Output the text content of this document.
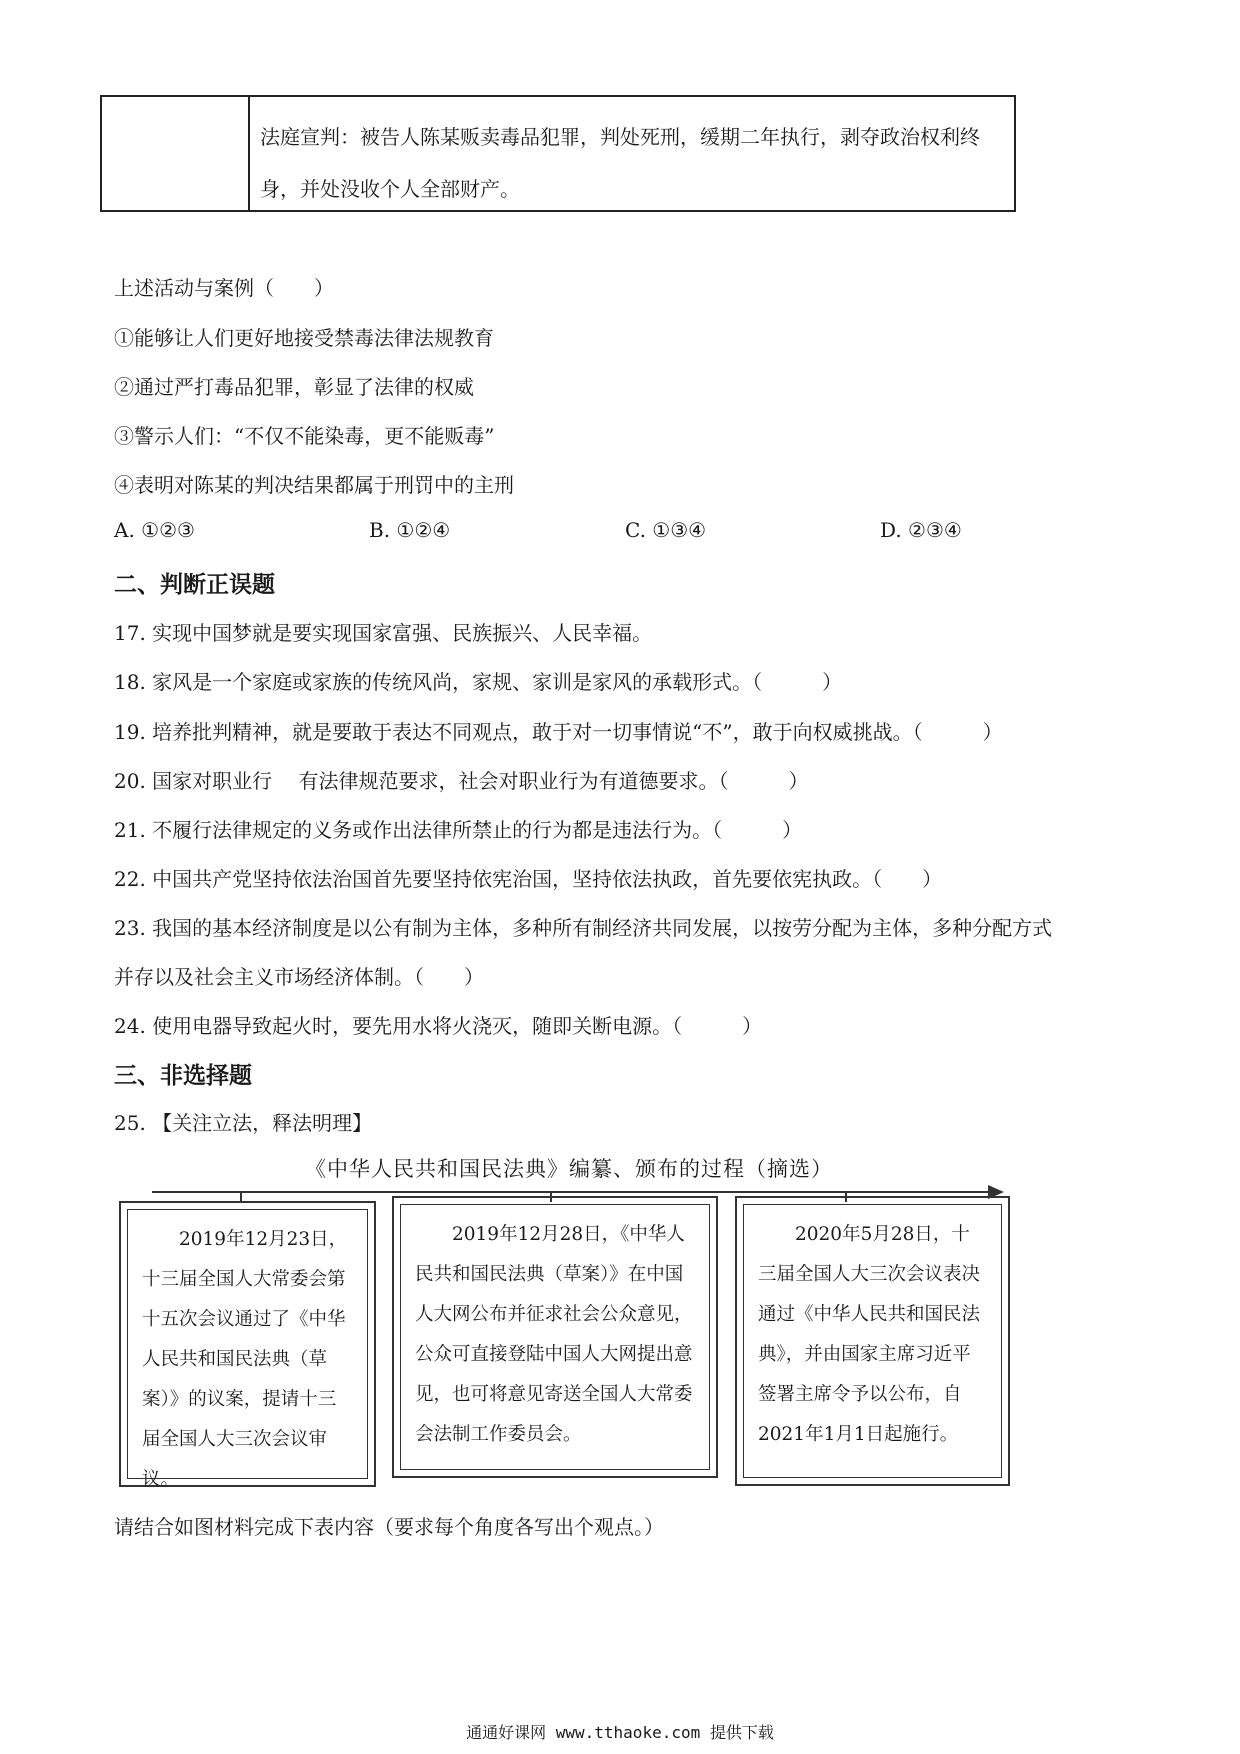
法庭宣判：被告人陈某贩卖毒品犯罪，判处死刑，缓期二年执行，剥夺政治权利终身，并处没收个人全部财产。
上述活动与案例（　　）
①能够让人们更好地接受禁毒法律法规教育
②通过严打毒品犯罪，彰显了法律的权威
③警示人们：“不仅不能染毒，更不能贩毒”
④表明对陈某的判决结果都属于刑罚中的主刑
A. ①②③	B. ①②④	C. ①③④	D. ②③④
二、判断正误题
17. 实现中国梦就是要实现国家富强、民族振兴、人民幸福。
18. 家风是一个家庭或家族的传统风尚，家规、家训是家风的承载形式。（　　　）
19. 培养批判精神，就是要敢于表达不同观点，敢于对一切事情说“不”，敢于向权威挑战。（　　　）
20. 国家对职业行　 有法律规范要求，社会对职业行为有道德要求。（　　　）
21. 不履行法律规定的义务或作出法律所禁止的行为都是违法行为。（　　　）
22. 中国共产党坚持依法治国首先要坚持依宪治国，坚持依法执政，首先要依宪执政。（　　）
23. 我国的基本经济制度是以公有制为主体，多种所有制经济共同发展，以按劳分配为主体，多种分配方式
并存以及社会主义市场经济体制。（　　）
24. 使用电器导致起火时，要先用水将火浇灭，随即关断电源。（　　　）
三、非选择题
25. 【关注立法，释法明理】
《中华人民共和国民法典》编纂、颁布的过程（摘选）
2019年12月23日，十三届全国人大常委会第十五次会议通过了《中华人民共和国民法典（草案）》的议案，提请十三届全国人大三次会议审议。
2019年12月28日，《中华人民共和国民法典（草案）》在中国人大网公布并征求社会公众意见，公众可直接登陆中国人大网提出意见，也可将意见寄送全国人大常委会法制工作委员会。
2020年5月28日，十三届全国人大三次会议表决通过《中华人民共和国民法典》，并由国家主席习近平签署主席令予以公布，自2021年1月1日起施行。
请结合如图材料完成下表内容（要求每个角度各写出个观点。）
通通好课网 www.tthaoke.com 提供下载
